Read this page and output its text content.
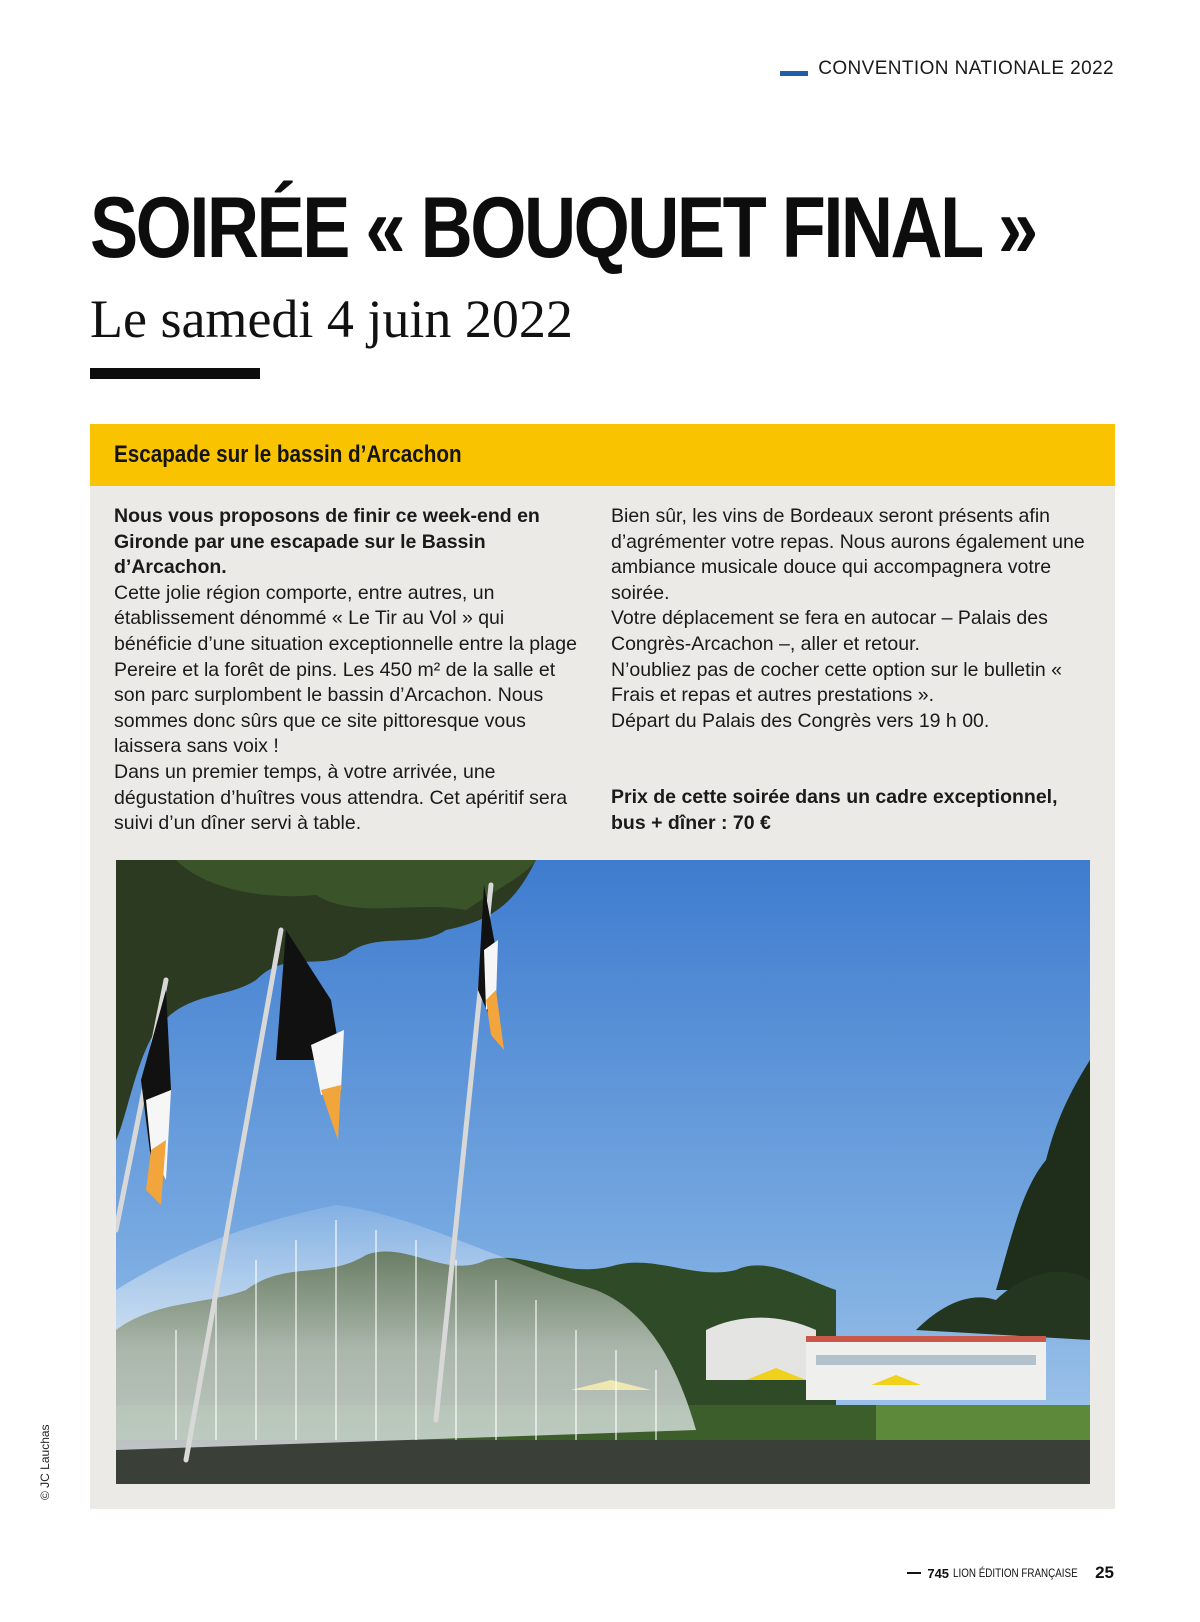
CONVENTION NATIONALE 2022
SOIRÉE « BOUQUET FINAL »
Le samedi 4 juin 2022
Escapade sur le bassin d’Arcachon

Nous vous proposons de finir ce week-end en Gironde par une escapade sur le Bassin d’Arcachon.

Cette jolie région comporte, entre autres, un établissement dénommé « Le Tir au Vol » qui bénéficie d’une situation exceptionnelle entre la plage Pereire et la forêt de pins. Les 450 m² de la salle et son parc surplombent le bassin d’Arcachon. Nous sommes donc sûrs que ce site pittoresque vous laissera sans voix !

Dans un premier temps, à votre arrivée, une dégustation d’huîtres vous attendra. Cet apéritif sera suivi d’un dîner servi à table.

Bien sûr, les vins de Bordeaux seront présents afin d’agrémenter votre repas. Nous aurons également une ambiance musicale douce qui accompagnera votre soirée.

Votre déplacement se fera en autocar – Palais des Congrès-Arcachon –, aller et retour.

N’oubliez pas de cocher cette option sur le bulletin « Frais et repas et autres prestations ».

Départ du Palais des Congrès vers 19 h 00.

Prix de cette soirée dans un cadre exceptionnel, bus + dîner : 70 €

© JC Lauchas
745 LION ÉDITION FRANÇAISE 25
